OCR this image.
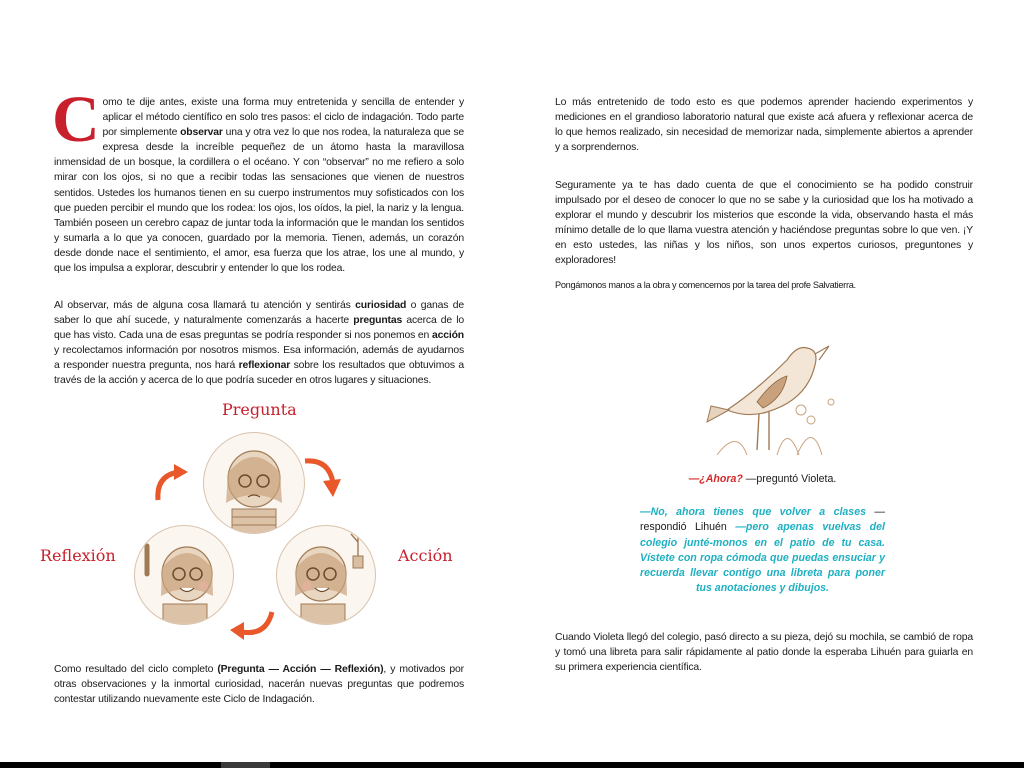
Como te dije antes, existe una forma muy entretenida y sencilla de entender y aplicar el método científico en solo tres pasos: el ciclo de indagación. Todo parte por simplemente observar una y otra vez lo que nos rodea, la naturaleza que se expresa desde la increíble pequeñez de un átomo hasta la maravillosa inmensidad de un bosque, la cordillera o el océano. Y con “observar” no me refiero a solo mirar con los ojos, si no que a recibir todas las sensaciones que vienen de nuestros sentidos. Ustedes los humanos tienen en su cuerpo instrumentos muy sofisticados con los que pueden percibir el mundo que los rodea: los ojos, los oídos, la piel, la nariz y la lengua. También poseen un cerebro capaz de juntar toda la información que le mandan los sentidos y sumarla a lo que ya conocen, guardado por la memoria. Tienen, además, un corazón desde donde nace el sentimiento, el amor, esa fuerza que los atrae, los une al mundo, y que los impulsa a explorar, descubrir y entender lo que los rodea.
Al observar, más de alguna cosa llamará tu atención y sentirás curiosidad o ganas de saber lo que ahí sucede, y naturalmente comenzarás a hacerte preguntas acerca de lo que has visto. Cada una de esas preguntas se podría responder si nos ponemos en acción y recolectamos información por nosotros mismos. Esa información, además de ayudarnos a responder nuestra pregunta, nos hará reflexionar sobre los resultados que obtuvimos a través de la acción y acerca de lo que podría suceder en otros lugares y situaciones.
Pregunta
Acción
Reflexión
Como resultado del ciclo completo (Pregunta — Acción — Reflexión), y motivados por otras observaciones y la inmortal curiosidad, nacerán nuevas preguntas que podremos contestar utilizando nuevamente este Ciclo de Indagación.
Lo más entretenido de todo esto es que podemos aprender haciendo experimentos y mediciones en el grandioso laboratorio natural que existe acá afuera y reflexionar acerca de lo que hemos realizado, sin necesidad de memorizar nada, simplemente abiertos a aprender y a sorprendernos.
Seguramente ya te has dado cuenta de que el conocimiento se ha podido construir impulsado por el deseo de conocer lo que no se sabe y la curiosidad que los ha motivado a explorar el mundo y descubrir los misterios que esconde la vida, observando hasta el más mínimo detalle de lo que llama vuestra atención y haciéndose preguntas sobre lo que ven. ¡Y en esto ustedes, las niñas y los niños, son unos expertos curiosos, preguntones y exploradores!
Pongámonos manos a la obra y comencemos por la tarea del profe Salvatierra.
—¿Ahora? —preguntó Violeta.
—No, ahora tienes que volver a clases — respondió Lihuén —pero apenas vuelvas del colegio junté-monos en el patio de tu casa. Vístete con ropa cómoda que puedas ensuciar y recuerda llevar contigo una libreta para poner tus anotaciones y dibujos.
Cuando Violeta llegó del colegio, pasó directo a su pieza, dejó su mochila, se cambió de ropa y tomó una libreta para salir rápidamente al patio donde la esperaba Lihuén para guiarla en su primera experiencia científica.
